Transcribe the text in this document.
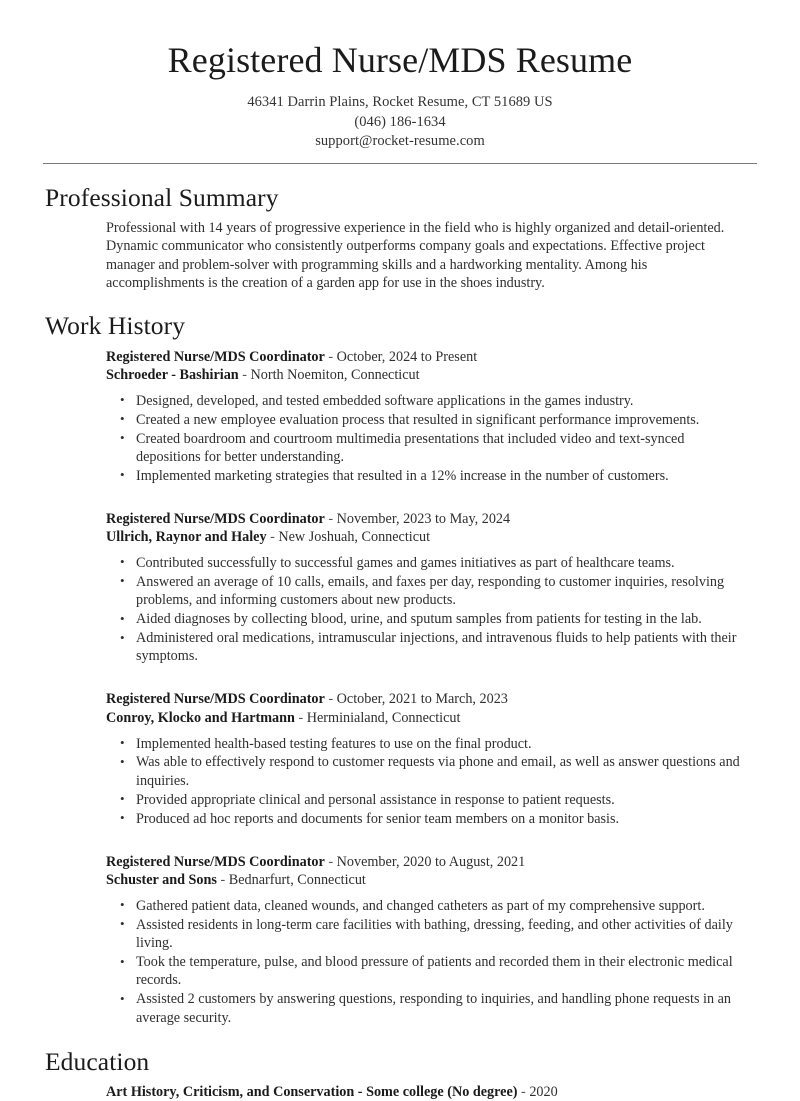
Registered Nurse/MDS Resume
46341 Darrin Plains, Rocket Resume, CT 51689 US
(046) 186-1634
support@rocket-resume.com
Professional Summary
Professional with 14 years of progressive experience in the field who is highly organized and detail-oriented. Dynamic communicator who consistently outperforms company goals and expectations. Effective project manager and problem-solver with programming skills and a hardworking mentality. Among his accomplishments is the creation of a garden app for use in the shoes industry.
Work History
Registered Nurse/MDS Coordinator - October, 2024 to Present
Schroeder - Bashirian - North Noemiton, Connecticut
• Designed, developed, and tested embedded software applications in the games industry.
• Created a new employee evaluation process that resulted in significant performance improvements.
• Created boardroom and courtroom multimedia presentations that included video and text-synced depositions for better understanding.
• Implemented marketing strategies that resulted in a 12% increase in the number of customers.
Registered Nurse/MDS Coordinator - November, 2023 to May, 2024
Ullrich, Raynor and Haley - New Joshuah, Connecticut
• Contributed successfully to successful games and games initiatives as part of healthcare teams.
• Answered an average of 10 calls, emails, and faxes per day, responding to customer inquiries, resolving problems, and informing customers about new products.
• Aided diagnoses by collecting blood, urine, and sputum samples from patients for testing in the lab.
• Administered oral medications, intramuscular injections, and intravenous fluids to help patients with their symptoms.
Registered Nurse/MDS Coordinator - October, 2021 to March, 2023
Conroy, Klocko and Hartmann - Herminialand, Connecticut
• Implemented health-based testing features to use on the final product.
• Was able to effectively respond to customer requests via phone and email, as well as answer questions and inquiries.
• Provided appropriate clinical and personal assistance in response to patient requests.
• Produced ad hoc reports and documents for senior team members on a monitor basis.
Registered Nurse/MDS Coordinator - November, 2020 to August, 2021
Schuster and Sons - Bednarfurt, Connecticut
• Gathered patient data, cleaned wounds, and changed catheters as part of my comprehensive support.
• Assisted residents in long-term care facilities with bathing, dressing, feeding, and other activities of daily living.
• Took the temperature, pulse, and blood pressure of patients and recorded them in their electronic medical records.
• Assisted 2 customers by answering questions, responding to inquiries, and handling phone requests in an average security.
Education
Art History, Criticism, and Conservation - Some college (No degree) - 2020
